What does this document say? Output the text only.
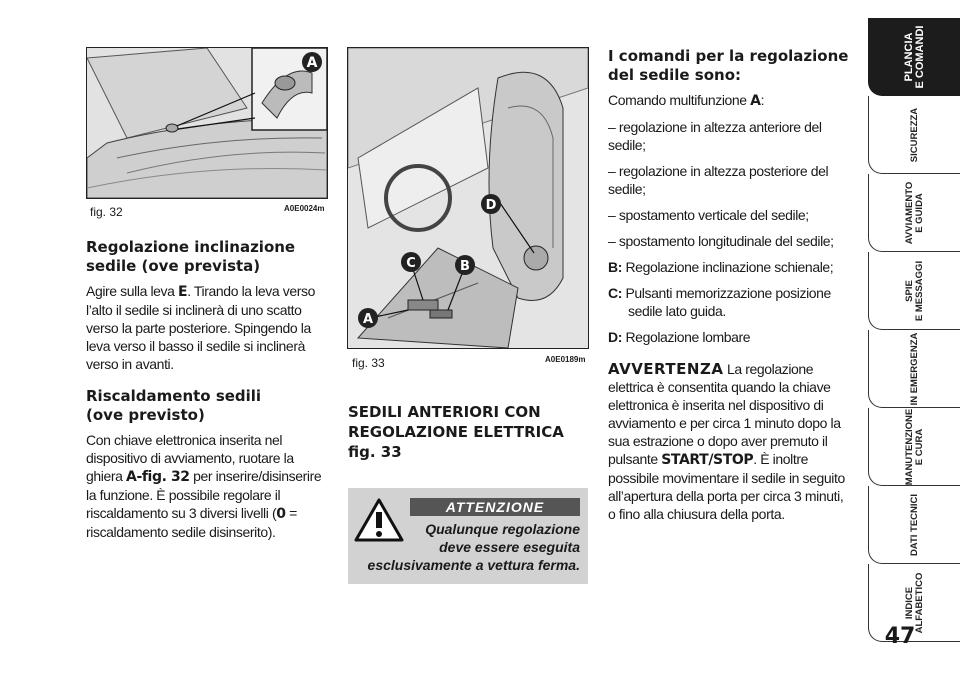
A
fig. 32	A0E0024m	D
C	B
A
fig. 33	A0E0189m
Regolazione inclinazione
sedile (ove prevista)

Agire sulla leva E. Tirando la leva verso l’alto il sedile si inclinerà di uno scatto verso la parte posteriore. Spingendo la leva verso il basso il sedile si inclinerà verso in avanti.

Riscaldamento sedili
(ove previsto)

Con chiave elettronica inserita nel dispositivo di avviamento, ruotare la ghiera A-fig. 32 per inserire/disinserire la funzione. È possibile regolare il riscaldamento su 3 diversi livelli (0 = riscaldamento sedile disinserito).

SEDILI ANTERIORI CON
REGOLAZIONE ELETTRICA
fig. 33
ATTENZIONE
Qualunque regolazione
deve essere eseguita
esclusivamente a vettura ferma.
I comandi per la regolazione
del sedile sono:

Comando multifunzione A:

– regolazione in altezza anteriore del sedile;

– regolazione in altezza posteriore del sedile;

– spostamento verticale del sedile;

– spostamento longitudinale del sedile;

B: Regolazione inclinazione schienale;

C: Pulsanti memorizzazione posizione sedile lato guida.

D: Regolazione lombare

AVVERTENZA La regolazione elettrica è consentita quando la chiave elettronica è inserita nel dispositivo di avviamento e per circa 1 minuto dopo la sua estrazione o dopo aver premuto il pulsante START/STOP. È inoltre possibile movimentare il sedile in seguito all’apertura della porta per circa 3 minuti, o fino alla chiusura della porta.

PLANCIA
E COMANDI
SICUREZZA
AVVIAMENTO
E GUIDA
SPIE
E MESSAGGI
IN EMERGENZA
MANUTENZIONE
E CURA
DATI TECNICI
INDICE
ALFABETICO
47
